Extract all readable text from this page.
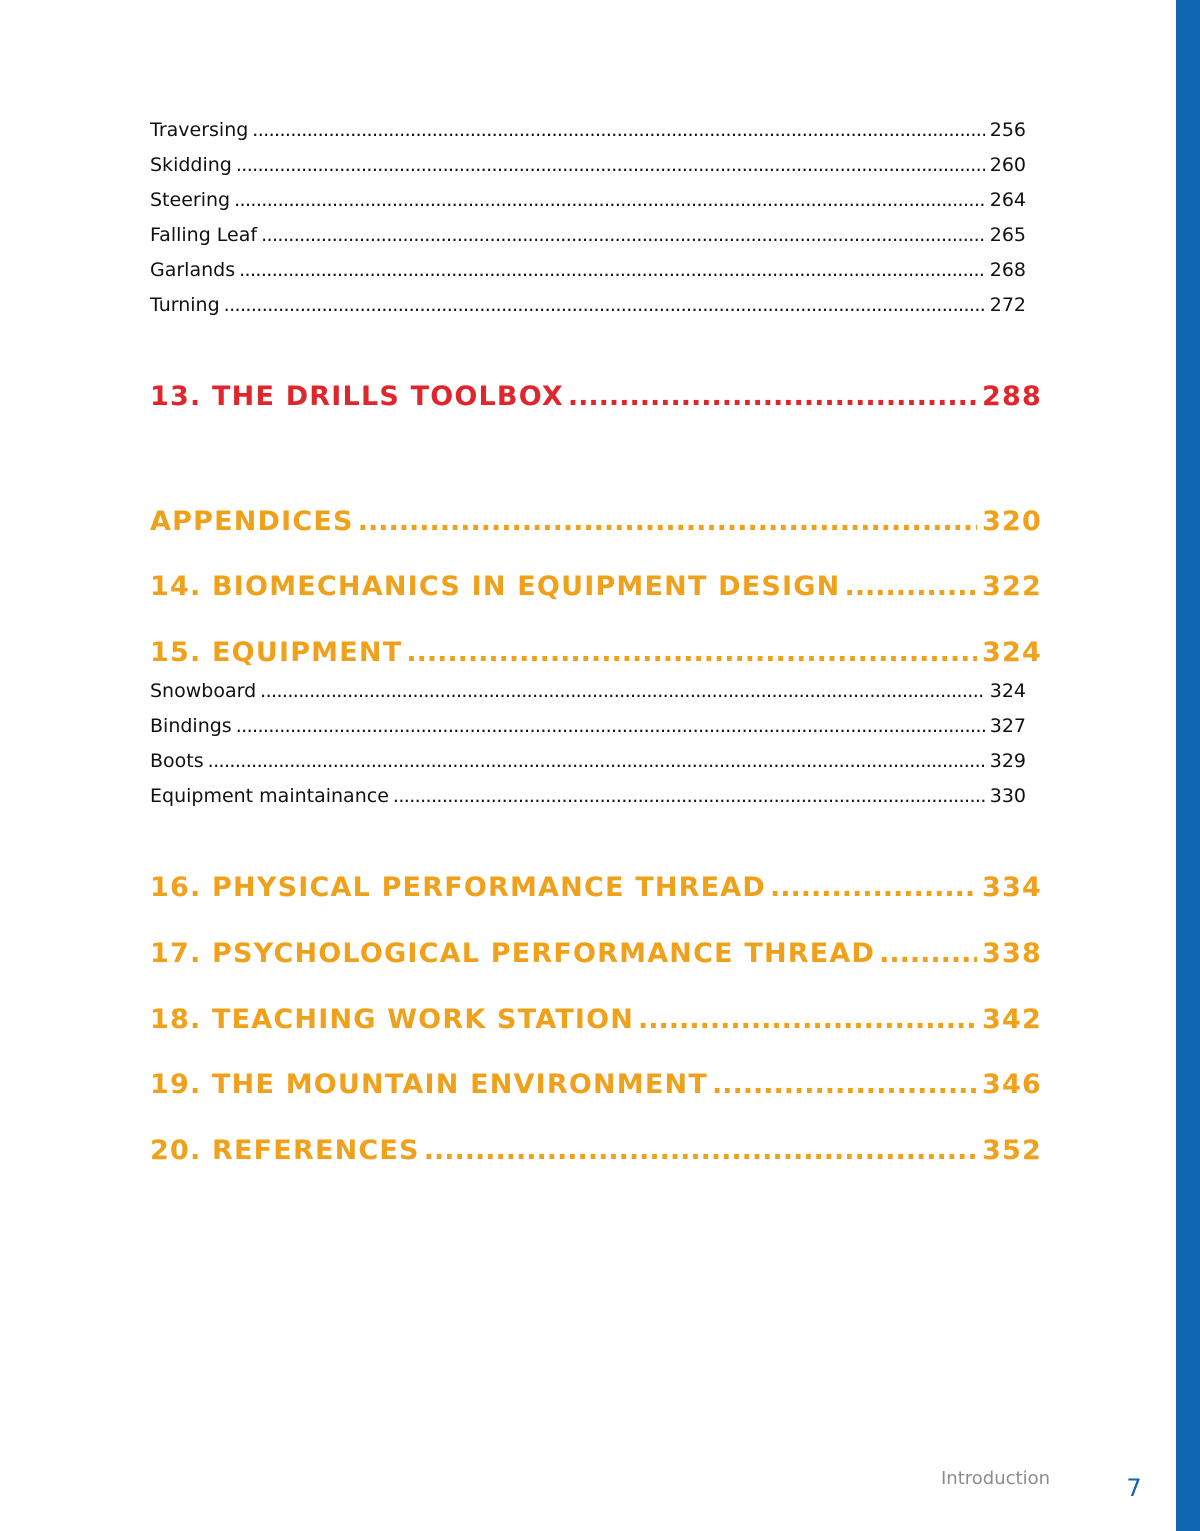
Traversing .....	256
Skidding .....	260
Steering .....	264
Falling Leaf .....	265
Garlands .....	268
Turning .....	272
13. THE DRILLS TOOLBOX .....	288
APPENDICES .....	320
14. BIOMECHANICS IN EQUIPMENT DESIGN .....	322
15. EQUIPMENT .....	324
Snowboard .....	324
Bindings .....	327
Boots .....	329
Equipment maintainance .....	330
16. PHYSICAL PERFORMANCE THREAD .....	334
17. PSYCHOLOGICAL PERFORMANCE THREAD .....	338
18. TEACHING WORK STATION .....	342
19. THE MOUNTAIN ENVIRONMENT .....	346
20. REFERENCES .....	352
Introduction	7
